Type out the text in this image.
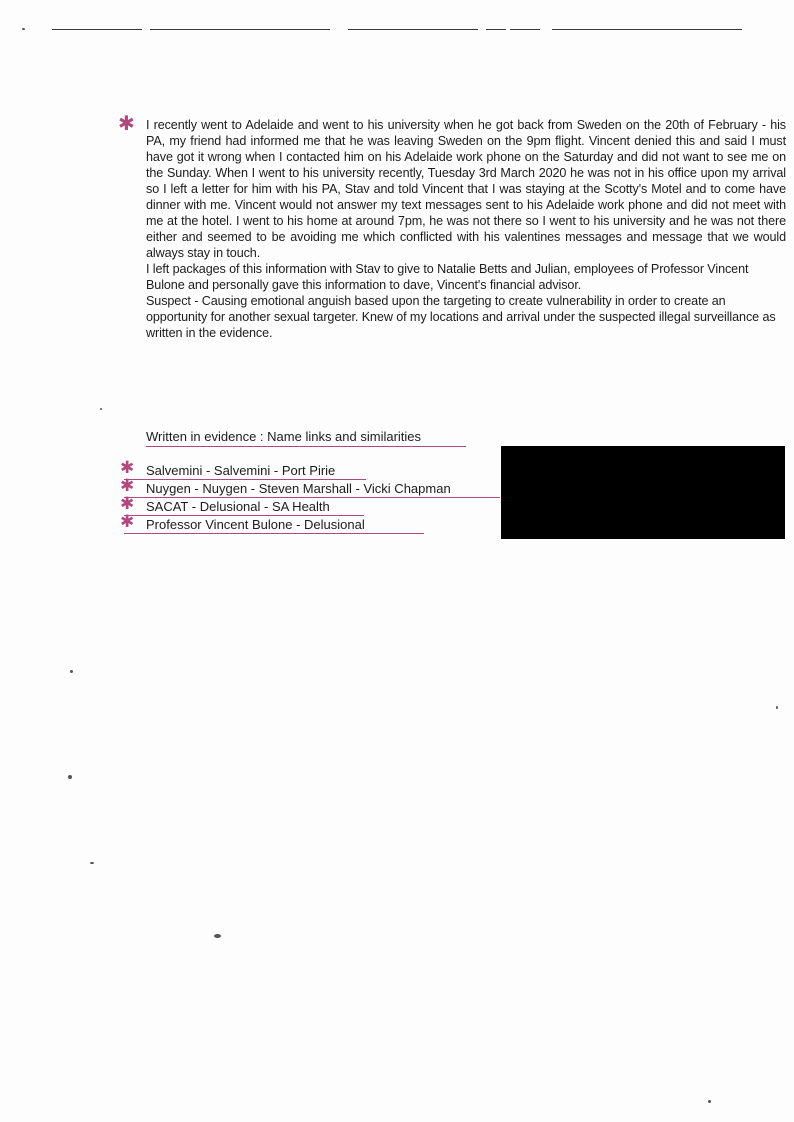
✱ I recently went to Adelaide and went to his university when he got back from Sweden on the 20th of February - his PA, my friend had informed me that he was leaving Sweden on the 9pm flight. Vincent denied this and said I must have got it wrong when I contacted him on his Adelaide work phone on the Saturday and did not want to see me on the Sunday. When I went to his university recently, Tuesday 3rd March 2020 he was not in his office upon my arrival so I left a letter for him with his PA, Stav and told Vincent that I was staying at the Scotty's Motel and to come have dinner with me. Vincent would not answer my text messages sent to his Adelaide work phone and did not meet with me at the hotel. I went to his home at around 7pm, he was not there so I went to his university and he was not there either and seemed to be avoiding me which conflicted with his valentines messages and message that we would always stay in touch.

I left packages of this information with Stav to give to Natalie Betts and Julian, employees of Professor Vincent Bulone and personally gave this information to dave, Vincent's financial advisor.

Suspect - Causing emotional anguish based upon the targeting to create vulnerability in order to create an opportunity for another sexual targeter. Knew of my locations and arrival under the suspected illegal surveillance as written in the evidence.

Written in evidence : Name links and similarities
✱ Salvemini - Salvemini - Port Pirie
✱ Nuygen - Nuygen - Steven Marshall - Vicki Chapman
✱ SACAT - Delusional - SA Health
✱ Professor Vincent Bulone - Delusional
